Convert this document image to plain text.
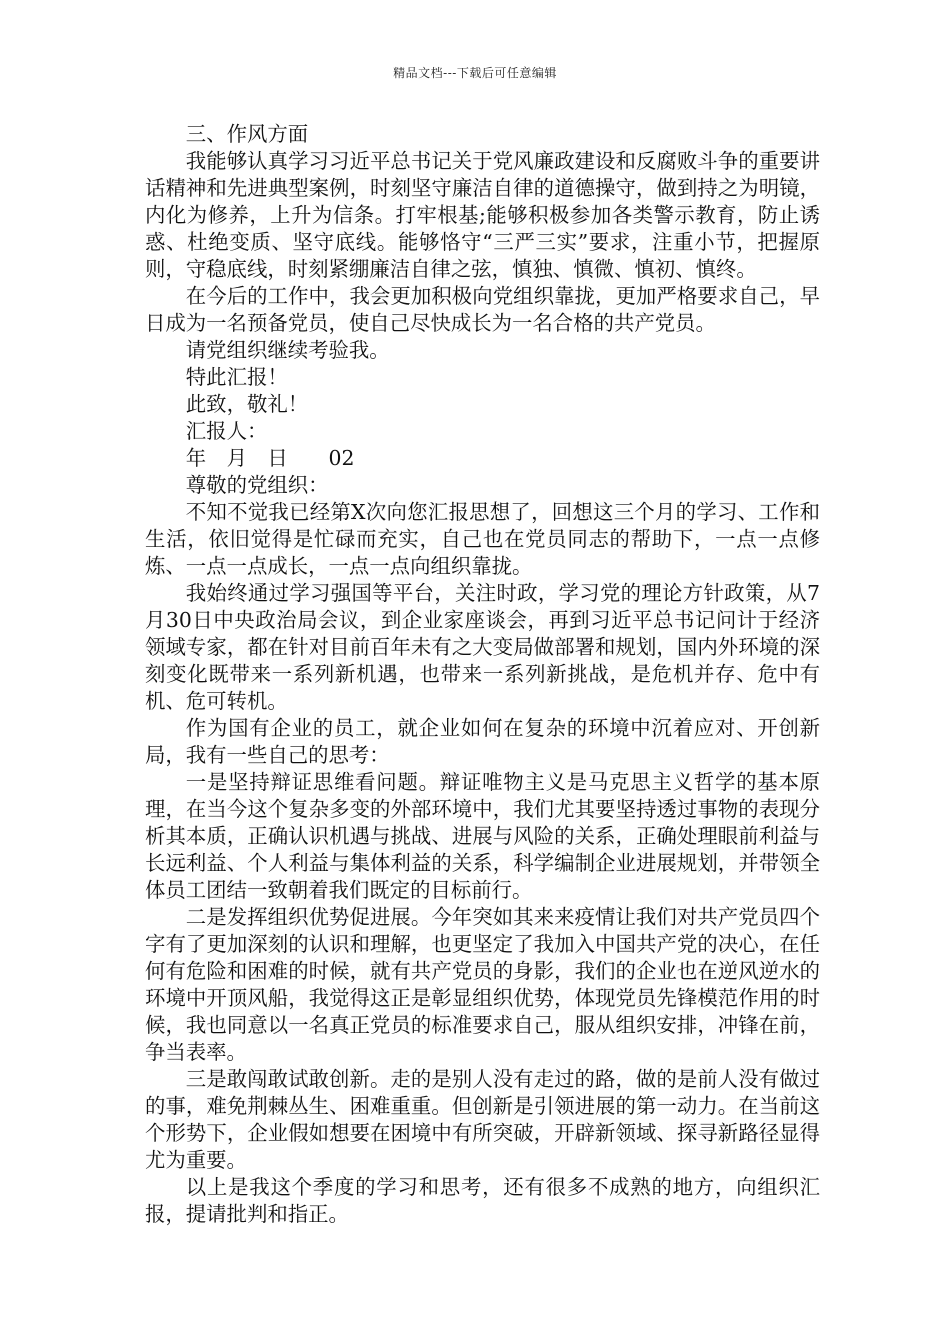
精品文档---下载后可任意编辑

三、作风方面

我能够认真学习习近平总书记关于党风廉政建设和反腐败斗争的重要讲话精神和先进典型案例，时刻坚守廉洁自律的道德操守，做到持之为明镜，内化为修养，上升为信条。打牢根基;能够积极参加各类警示教育，防止诱惑、杜绝变质、坚守底线。能够恪守“三严三实”要求，注重小节，把握原则，守稳底线，时刻紧绷廉洁自律之弦，慎独、慎微、慎初、慎终。

在今后的工作中，我会更加积极向党组织靠拢，更加严格要求自己，早日成为一名预备党员，使自己尽快成长为一名合格的共产党员。

请党组织继续考验我。

特此汇报！

此致，敬礼！

汇报人：

年　月　日　　02

尊敬的党组织：

不知不觉我已经第X次向您汇报思想了，回想这三个月的学习、工作和生活，依旧觉得是忙碌而充实，自己也在党员同志的帮助下，一点一点修炼、一点一点成长，一点一点向组织靠拢。

我始终通过学习强国等平台，关注时政，学习党的理论方针政策，从7月30日中央政治局会议，到企业家座谈会，再到习近平总书记问计于经济领域专家，都在针对目前百年未有之大变局做部署和规划，国内外环境的深刻变化既带来一系列新机遇，也带来一系列新挑战，是危机并存、危中有机、危可转机。

作为国有企业的员工，就企业如何在复杂的环境中沉着应对、开创新局，我有一些自己的思考：

一是坚持辩证思维看问题。辩证唯物主义是马克思主义哲学的基本原理，在当今这个复杂多变的外部环境中，我们尤其要坚持透过事物的表现分析其本质，正确认识机遇与挑战、进展与风险的关系，正确处理眼前利益与长远利益、个人利益与集体利益的关系，科学编制企业进展规划，并带领全体员工团结一致朝着我们既定的目标前行。

二是发挥组织优势促进展。今年突如其来来疫情让我们对共产党员四个字有了更加深刻的认识和理解，也更坚定了我加入中国共产党的决心，在任何有危险和困难的时候，就有共产党员的身影，我们的企业也在逆风逆水的环境中开顶风船，我觉得这正是彰显组织优势，体现党员先锋模范作用的时候，我也同意以一名真正党员的标准要求自己，服从组织安排，冲锋在前，争当表率。

三是敢闯敢试敢创新。走的是别人没有走过的路，做的是前人没有做过的事，难免荆棘丛生、困难重重。但创新是引领进展的第一动力。在当前这个形势下，企业假如想要在困境中有所突破，开辟新领域、探寻新路径显得尤为重要。

以上是我这个季度的学习和思考，还有很多不成熟的地方，向组织汇报，提请批判和指正。
